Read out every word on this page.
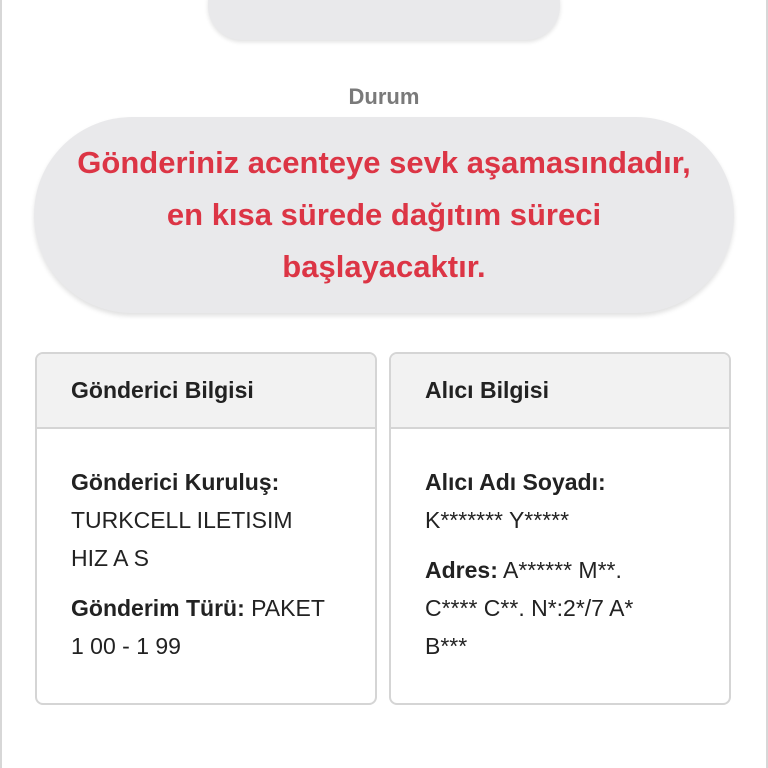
Durum
Gönderiniz acenteye sevk aşamasındadır,
en kısa sürede dağıtım süreci
başlayacaktır.
Gönderici Bilgisi
Gönderici Kuruluş:
TURKCELL ILETISIM
HIZ A S
Gönderim Türü: PAKET
1 00 - 1 99
Alıcı Bilgisi
Alıcı Adı Soyadı:
K******* Y*****
Adres: A****** M**.
C**** C**. N*:2*/7 A*
B***
